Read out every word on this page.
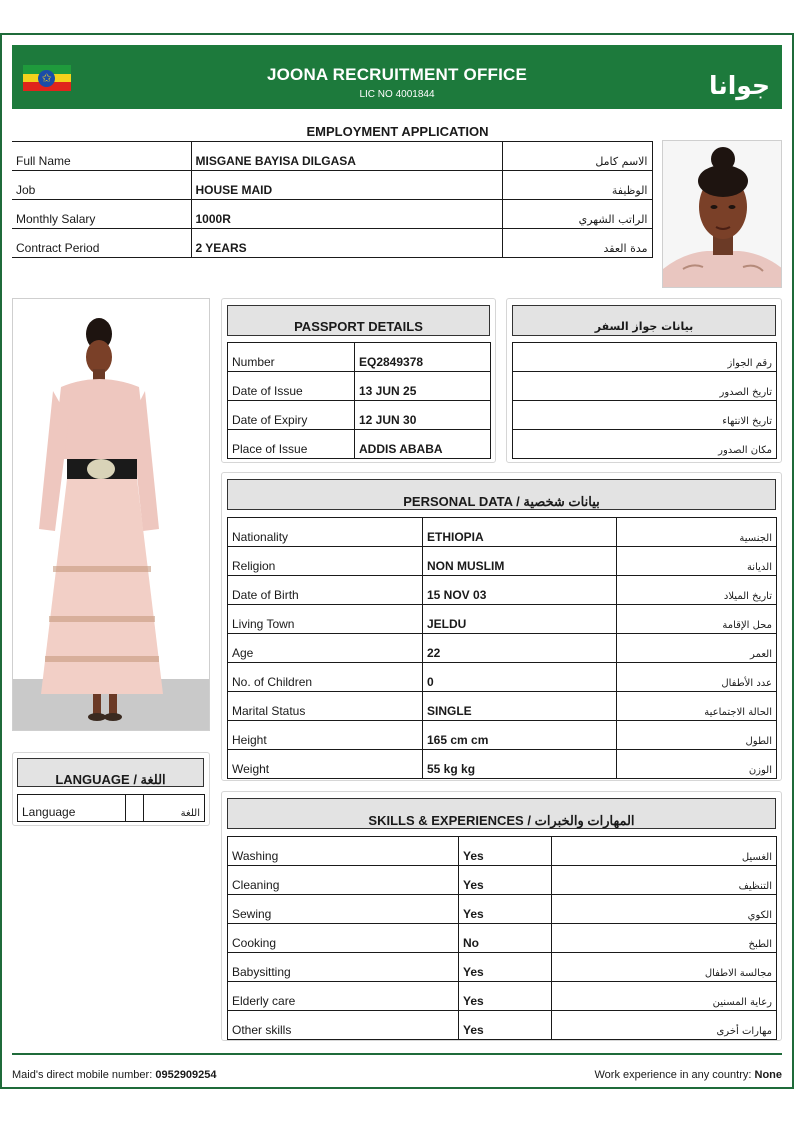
✩	JOONA RECRUITMENT OFFICE
LIC NO 4001844	جوانا
EMPLOYMENT APPLICATION
Full Name	MISGANE BAYISA DILGASA	الاسم كامل
Job	HOUSE MAID	الوظيفة
Monthly Salary	1000R	الراتب الشهري
Contract Period	2 YEARS	مدة العقد
PASSPORT DETAILS
Number	EQ2849378
Date of Issue	13 JUN 25
Date of Expiry	12 JUN 30
Place of Issue	ADDIS ABABA
بيانات جواز السفر
رقم الجواز
تاريخ الصدور
تاريخ الانتهاء
مكان الصدور
PERSONAL DATA / بيانات شخصية
Nationality	ETHIOPIA	الجنسية
Religion	NON MUSLIM	الديانة
Date of Birth	15 NOV 03	تاريخ الميلاد
Living Town	JELDU	محل الإقامة
Age	22	العمر
No. of Children	0	عدد الأطفال
Marital Status	SINGLE	الحالة الاجتماعية
Height	165 cm cm	الطول
Weight	55 kg kg	الوزن
LANGUAGE / اللغة
Language		اللغة	SKILLS & EXPERIENCES / المهارات والخبرات
Washing	Yes	الغسيل
Cleaning	Yes	التنظيف
Sewing	Yes	الكوي
Cooking	No	الطبخ
Babysitting	Yes	مجالسة الاطفال
Elderly care	Yes	رعاية المسنين
Other skills	Yes	مهارات أخرى
Maid's direct mobile number: 0952909254	Work experience in any country: None
